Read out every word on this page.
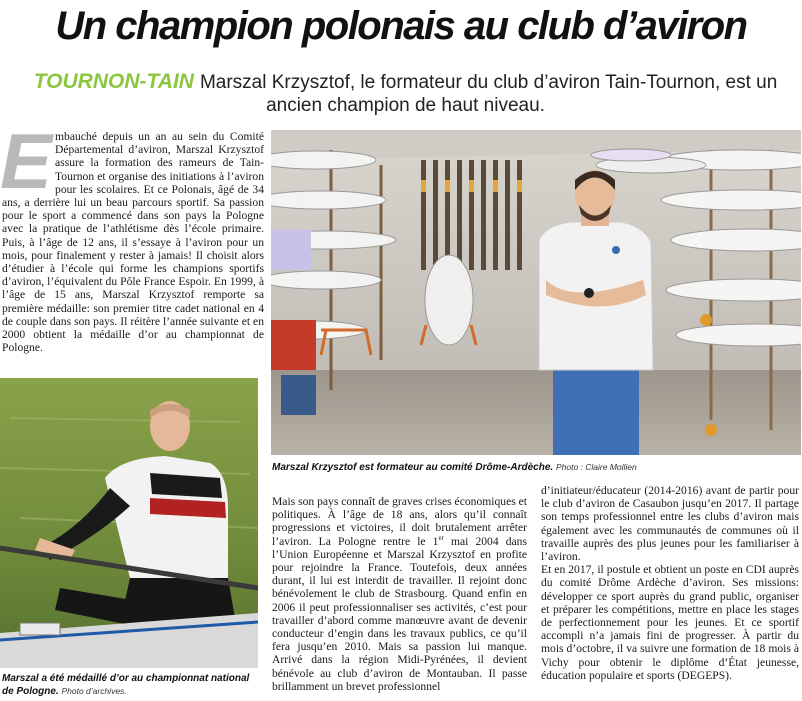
Un champion polonais au club d’aviron
TOURNON-TAIN Marszal Krzysztof, le formateur du club d’aviron Tain-Tournon, est un ancien champion de haut niveau.
Embauché depuis un an au sein du Comité Départemental d’aviron, Marszal Krzysztof assure la formation des rameurs de Tain-Tournon et organise des initiations à l’aviron pour les scolaires. Et ce Polonais, âgé de 34 ans, a derrière lui un beau parcours sportif. Sa passion pour le sport a commencé dans son pays la Pologne avec la pratique de l’athlétisme dès l’école primaire. Puis, à l’âge de 12 ans, il s’essaye à l’aviron pour un mois, pour finalement y rester à jamais! Il choisit alors d’étudier à l’école qui forme les champions sportifs d’aviron, l’équivalent du Pôle France Espoir. En 1999, à l’âge de 15 ans, Marszal Krzysztof remporte sa première médaille: son premier titre cadet national en 4 de couple dans son pays. Il réitère l’année suivante et en 2000 obtient la médaille d’or au championnat de Pologne.
Marszal Krzysztof est formateur au comité Drôme-Ardèche. Photo : Claire Mollien
Marszal a été médaillé d’or au championnat national de Pologne. Photo d’archives.
Mais son pays connaît de graves crises économiques et politiques. À l’âge de 18 ans, alors qu’il connaît progressions et victoires, il doit brutalement arrêter l’aviron. La Pologne rentre le 1er mai 2004 dans l’Union Européenne et Marszal Krzysztof en profite pour rejoindre la France. Toutefois, deux années durant, il lui est interdit de travailler. Il rejoint donc bénévolement le club de Strasbourg. Quand enfin en 2006 il peut professionnaliser ses activités, c’est pour travailler d’abord comme manœuvre avant de devenir conducteur d’engin dans les travaux publics, ce qu’il fera jusqu’en 2010. Mais sa passion lui manque. Arrivé dans la région Midi-Pyrénées, il devient bénévole au club d’aviron de Montauban. Il passe brillamment un brevet professionnel

d’initiateur/éducateur (2014-2016) avant de partir pour le club d’aviron de Casaubon jusqu’en 2017. Il partage son temps professionnel entre les clubs d’aviron mais également avec les communautés de communes où il travaille auprès des plus jeunes pour les familiariser à l’aviron.

Et en 2017, il postule et obtient un poste en CDI auprès du comité Drôme Ardèche d’aviron. Ses missions: développer ce sport auprès du grand public, organiser et préparer les compétitions, mettre en place les stages de perfectionnement pour les jeunes. Et ce sportif accompli n’a jamais fini de progresser. À partir du mois d’octobre, il va suivre une formation de 18 mois à Vichy pour obtenir le diplôme d’État jeunesse, éducation populaire et sports (DEGEPS).
